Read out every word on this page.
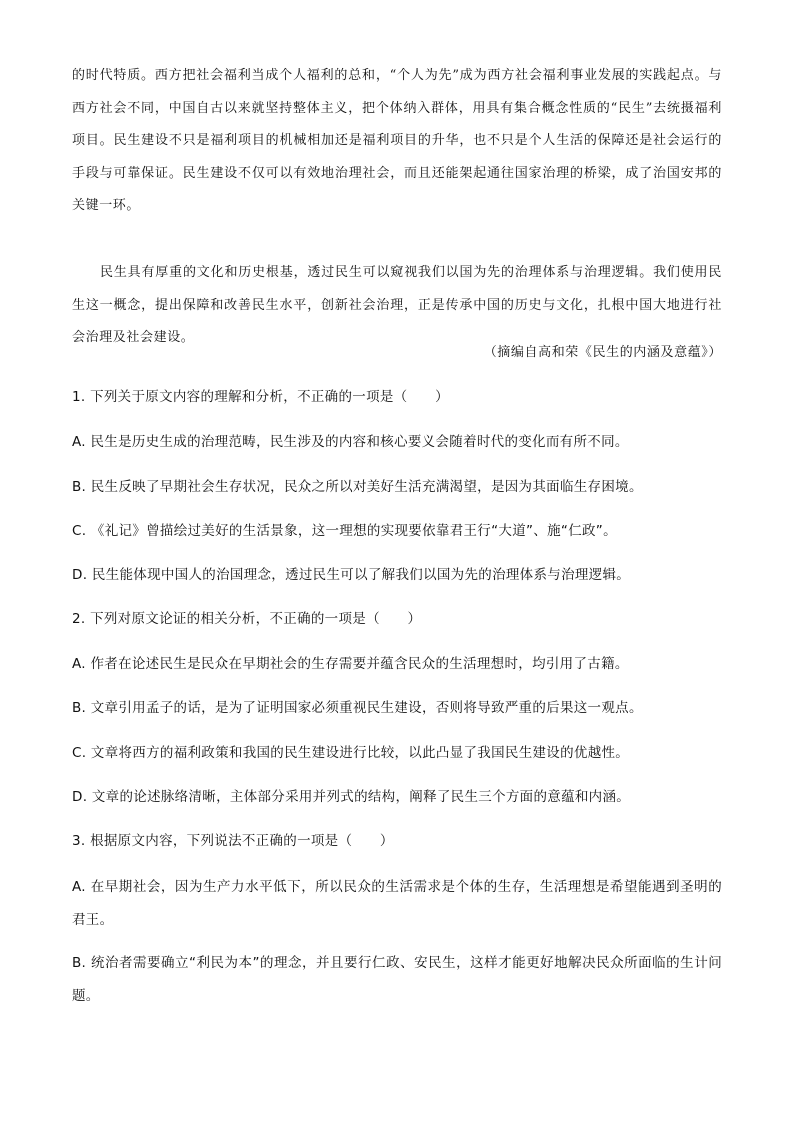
的时代特质。西方把社会福利当成个人福利的总和，“个人为先”成为西方社会福利事业发展的实践起点。与西方社会不同，中国自古以来就坚持整体主义，把个体纳入群体，用具有集合概念性质的“民生”去统摄福利项目。民生建设不只是福利项目的机械相加还是福利项目的升华，也不只是个人生活的保障还是社会运行的手段与可靠保证。民生建设不仅可以有效地治理社会，而且还能架起通往国家治理的桥梁，成了治国安邦的关键一环。
民生具有厚重的文化和历史根基，透过民生可以窥视我们以国为先的治理体系与治理逻辑。我们使用民生这一概念，提出保障和改善民生水平，创新社会治理，正是传承中国的历史与文化，扎根中国大地进行社会治理及社会建设。
（摘编自高和荣《民生的内涵及意蕴》）
1. 下列关于原文内容的理解和分析，不正确的一项是（　　）
A. 民生是历史生成的治理范畴，民生涉及的内容和核心要义会随着时代的变化而有所不同。
B. 民生反映了早期社会生存状况，民众之所以对美好生活充满渴望，是因为其面临生存困境。
C. 《礼记》曾描绘过美好的生活景象，这一理想的实现要依靠君王行“大道”、施“仁政”。
D. 民生能体现中国人的治国理念，透过民生可以了解我们以国为先的治理体系与治理逻辑。
2. 下列对原文论证的相关分析，不正确的一项是（　　）
A. 作者在论述民生是民众在早期社会的生存需要并蕴含民众的生活理想时，均引用了古籍。
B. 文章引用孟子的话，是为了证明国家必须重视民生建设，否则将导致严重的后果这一观点。
C. 文章将西方的福利政策和我国的民生建设进行比较，以此凸显了我国民生建设的优越性。
D. 文章的论述脉络清晰，主体部分采用并列式的结构，阐释了民生三个方面的意蕴和内涵。
3. 根据原文内容，下列说法不正确的一项是（　　）
A. 在早期社会，因为生产力水平低下，所以民众的生活需求是个体的生存，生活理想是希望能遇到圣明的君王。
B. 统治者需要确立“利民为本”的理念，并且要行仁政、安民生，这样才能更好地解决民众所面临的生计问题。
